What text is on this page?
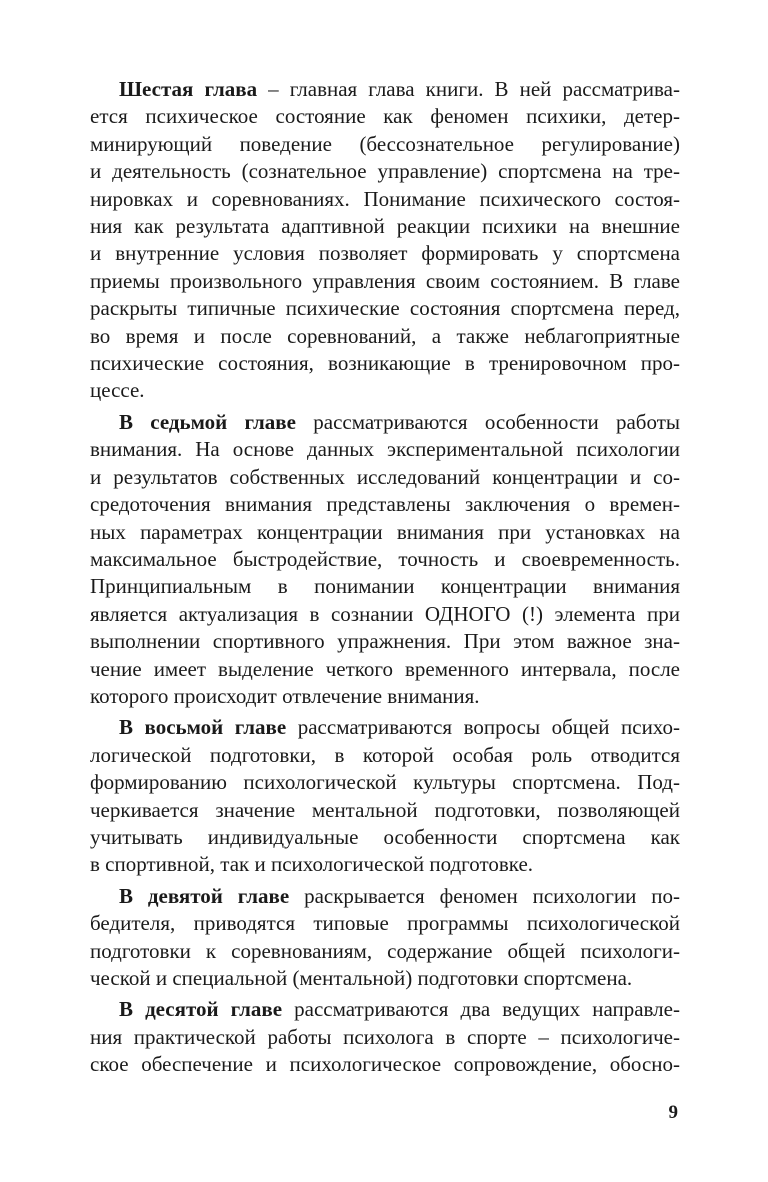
Шестая глава – главная глава книги. В ней рассматрива-
ется психическое состояние как феномен психики, детер-
минирующий поведение (бессознательное регулирование)
и деятельность (сознательное управление) спортсмена на тре-
нировках и соревнованиях. Понимание психического состоя-
ния как результата адаптивной реакции психики на внешние
и внутренние условия позволяет формировать у спортсмена
приемы произвольного управления своим состоянием. В главе
раскрыты типичные психические состояния спортсмена перед,
во время и после соревнований, а также неблагоприятные
психические состояния, возникающие в тренировочном про-
цессе.

В седьмой главе рассматриваются особенности работы
внимания. На основе данных экспериментальной психологии
и результатов собственных исследований концентрации и со-
средоточения внимания представлены заключения о времен-
ных параметрах концентрации внимания при установках на
максимальное быстродействие, точность и своевременность.
Принципиальным в понимании концентрации внимания
является актуализация в сознании ОДНОГО (!) элемента при
выполнении спортивного упражнения. При этом важное зна-
чение имеет выделение четкого временного интервала, после
которого происходит отвлечение внимания.

В восьмой главе рассматриваются вопросы общей психо-
логической подготовки, в которой особая роль отводится
формированию психологической культуры спортсмена. Под-
черкивается значение ментальной подготовки, позволяющей
учитывать индивидуальные особенности спортсмена как
в спортивной, так и психологической подготовке.

В девятой главе раскрывается феномен психологии по-
бедителя, приводятся типовые программы психологической
подготовки к соревнованиям, содержание общей психологи-
ческой и специальной (ментальной) подготовки спортсмена.

В десятой главе рассматриваются два ведущих направле-
ния практической работы психолога в спорте – психологиче-
ское обеспечение и психологическое сопровождение, обосно-

9
